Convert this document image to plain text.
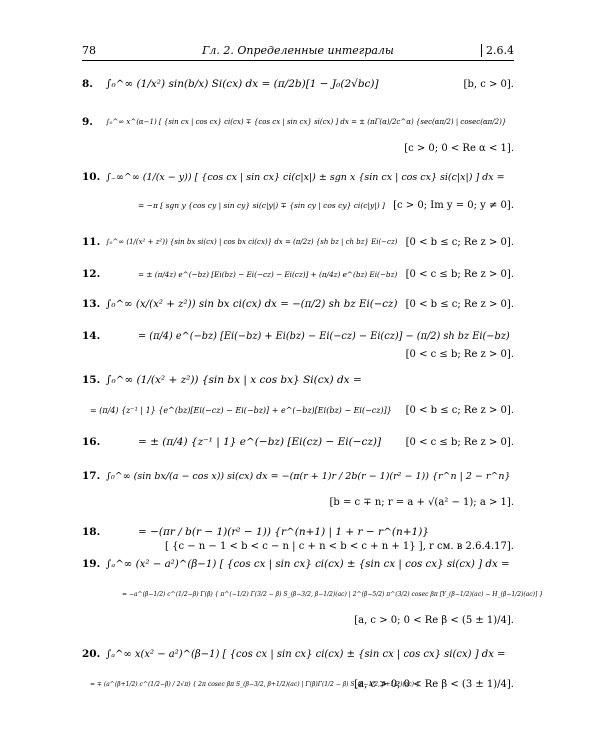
78	Гл. 2. Определенные интегралы	2.6.4
8. ∫₀^∞ (1/x²) sin(b/x) Si(cx) dx = (π/2b)[1 − J₀(2√bc)]	[b, c > 0].
9. ∫₀^∞ x^(α−1) [ {sin cx | cos cx} ci(cx) ∓ {cos cx | sin cx} si(cx) ] dx = ± (πΓ(α)/2c^α) {sec(απ/2) | cosec(απ/2)}
[c > 0; 0 < Re α < 1].
10. ∫₋∞^∞ (1/(x − y)) [ {cos cx | sin cx} ci(c|x|) ± sgn x {sin cx | cos cx} si(c|x|) ] dx =
= −π [ sgn y {cos cy | sin cy} si(c|y|) ∓ {sin cy | cos cy} ci(c|y|) ] [c > 0; Im y = 0; y ≠ 0].
11. ∫₀^∞ (1/(x² + z²)) {sin bx si(cx) | cos bx ci(cx)} dx = (π/2z) {sh bz | ch bz} Ei(−cz) [0 < b ≤ c; Re z > 0].
12.	= ± (π/4z) e^(−bz) [Ei(bz) − Ei(−cz) − Ei(cz)] + (π/4z) e^(bz) Ei(−bz) [0 < c ≤ b; Re z > 0].
13. ∫₀^∞ (x/(x² + z²)) sin bx ci(cx) dx = −(π/2) sh bz Ei(−cz) [0 < b ≤ c; Re z > 0].
14.	= (π/4) e^(−bz) [Ei(−bz) + Ei(bz) − Ei(−cz) − Ei(cz)] − (π/2) sh bz Ei(−bz)
[0 < c ≤ b; Re z > 0].
15. ∫₀^∞ (1/(x² + z²)) {sin bx | x cos bx} Si(cx) dx =
= (π/4) {z⁻¹ | 1} {e^(bz)[Ei(−cz) − Ei(−bz)] + e^(−bz)[Ei(bz) − Ei(−cz)]} [0 < b ≤ c; Re z > 0].
16.	= ± (π/4) {z⁻¹ | 1} e^(−bz) [Ei(cz) − Ei(−cz)] [0 < c ≤ b; Re z > 0].
17. ∫₀^∞ (sin bx/(a − cos x)) si(cx) dx = −(π(r + 1)r / 2b(r − 1)(r² − 1)) {r^n | 2 − r^n}
[b = c ∓ n; r = a + √(a² − 1); a > 1].
18.	= −(πr / b(r − 1)(r² − 1)) {r^(n+1) | 1 + r − r^(n+1)}
[ {c − n − 1 < b < c − n | c + n < b < c + n + 1} ], r см. в 2.6.4.17].
19. ∫ₐ^∞ (x² − a²)^(β−1) [ {cos cx | sin cx} ci(cx) ± {sin cx | cos cx} si(cx) ] dx =
= −a^(β−1/2) c^(1/2−β) Γ(β) { π^(−1/2) Γ(3/2 − β) S_(β−3/2, β−1/2)(ac) | 2^(β−5/2) π^(3/2) cosec βπ [Y_(β−1/2)(ac) − H_(β−1/2)(ac)] }
[a, c > 0; 0 < Re β < (5 ± 1)/4].
20. ∫ₐ^∞ x(x² − a²)^(β−1) [ {cos cx | sin cx} ci(cx) ± {sin cx | cos cx} si(cx) ] dx =
= ∓ (a^(β+1/2) c^(1/2−β) / 2√π) { 2π cosec βπ S_(β−3/2, β+1/2)(ac) | Γ(β)Γ(1/2 − β) S_(β−1/2, β+1/2)(ac) }
[a, c > 0; 0 < Re β < (3 ± 1)/4].
